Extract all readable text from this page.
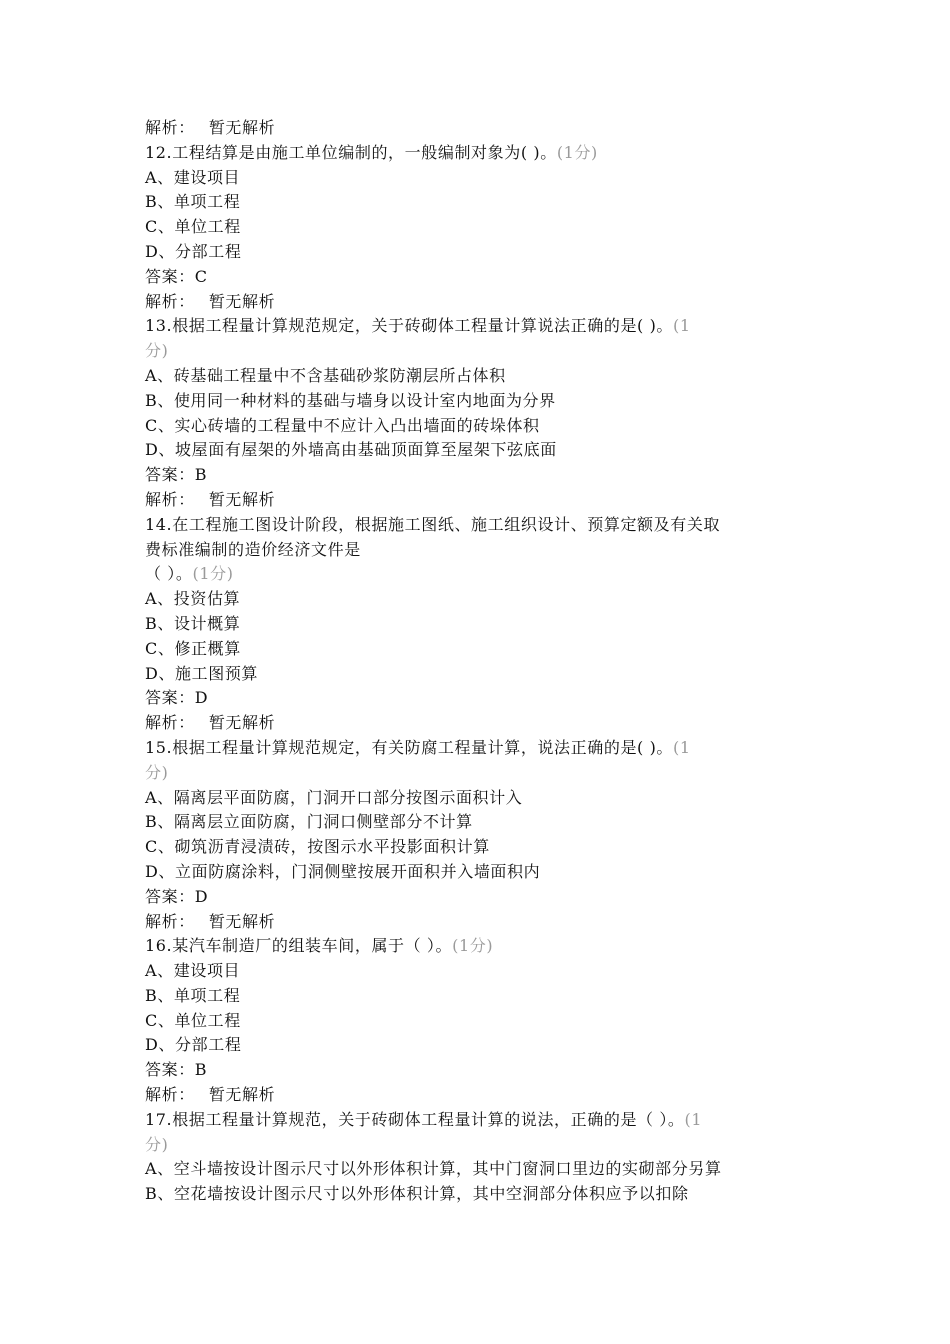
解析： 暂无解析
12.工程结算是由施工单位编制的，一般编制对象为( )。(1分)
A、建设项目
B、单项工程
C、单位工程
D、分部工程
答案：C
解析： 暂无解析
13.根据工程量计算规范规定，关于砖砌体工程量计算说法正确的是( )。(1
分)
A、砖基础工程量中不含基础砂浆防潮层所占体积
B、使用同一种材料的基础与墙身以设计室内地面为分界
C、实心砖墙的工程量中不应计入凸出墙面的砖垛体积
D、坡屋面有屋架的外墙高由基础顶面算至屋架下弦底面
答案：B
解析： 暂无解析
14.在工程施工图设计阶段，根据施工图纸、施工组织设计、预算定额及有关取
费标准编制的造价经济文件是
（ ）。(1分)
A、投资估算
B、设计概算
C、修正概算
D、施工图预算
答案：D
解析： 暂无解析
15.根据工程量计算规范规定，有关防腐工程量计算，说法正确的是( )。(1
分)
A、隔离层平面防腐，门洞开口部分按图示面积计入
B、隔离层立面防腐，门洞口侧壁部分不计算
C、砌筑沥青浸渍砖，按图示水平投影面积计算
D、立面防腐涂料，门洞侧壁按展开面积并入墙面积内
答案：D
解析： 暂无解析
16.某汽车制造厂的组装车间，属于（ ）。(1分)
A、建设项目
B、单项工程
C、单位工程
D、分部工程
答案：B
解析： 暂无解析
17.根据工程量计算规范，关于砖砌体工程量计算的说法，正确的是（ ）。(1
分)
A、空斗墙按设计图示尺寸以外形体积计算，其中门窗洞口里边的实砌部分另算
B、空花墙按设计图示尺寸以外形体积计算，其中空洞部分体积应予以扣除
